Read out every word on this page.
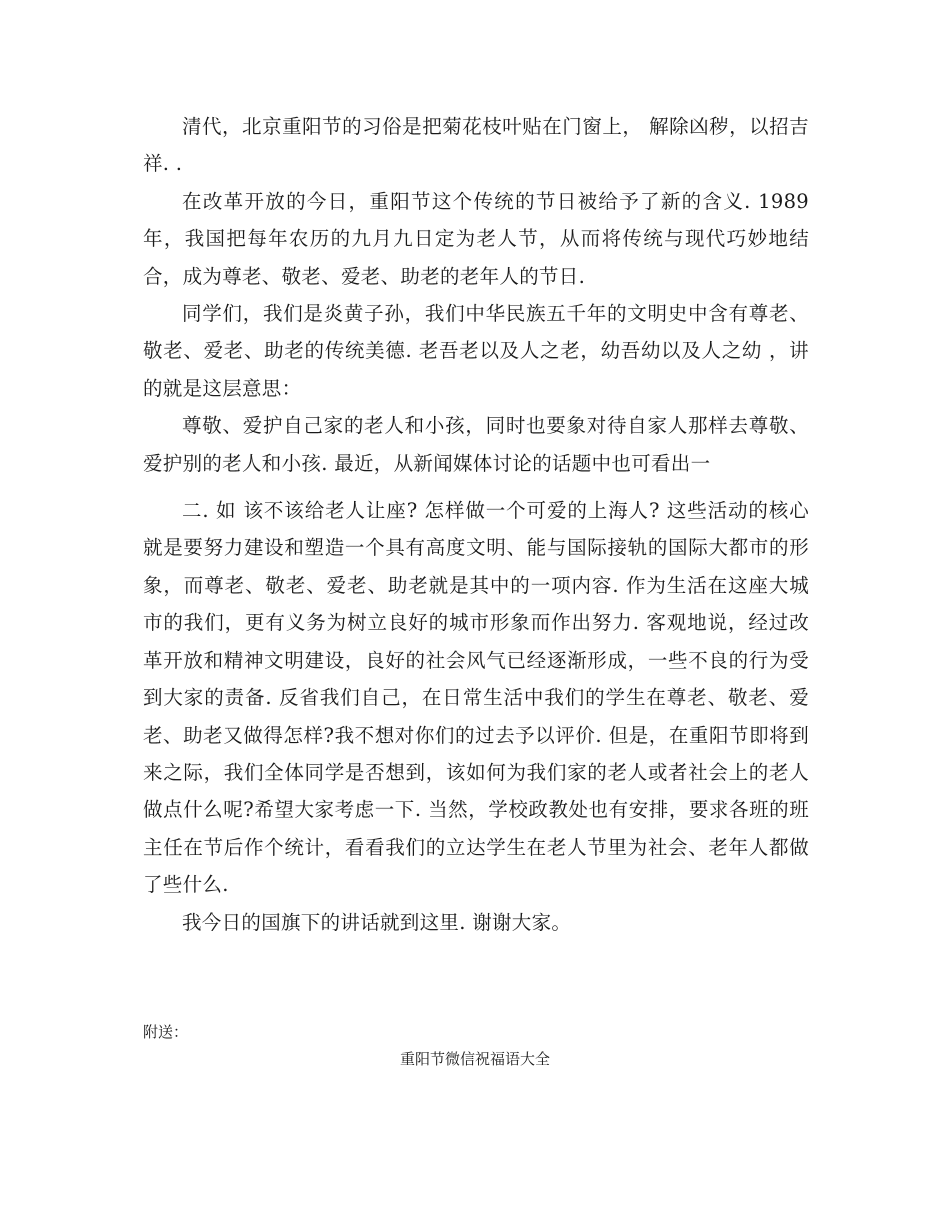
清代，北京重阳节的习俗是把菊花枝叶贴在门窗上， 解除凶秽，以招吉祥. .

在改革开放的今日，重阳节这个传统的节日被给予了新的含义. 1989 年，我国把每年农历的九月九日定为老人节，从而将传统与现代巧妙地结合，成为尊老、敬老、爱老、助老的老年人的节日.

同学们，我们是炎黄子孙，我们中华民族五千年的文明史中含有尊老、敬老、爱老、助老的传统美德. 老吾老以及人之老，幼吾幼以及人之幼 ，讲的就是这层意思：

尊敬、爱护自己家的老人和小孩，同时也要象对待自家人那样去尊敬、爱护别的老人和小孩. 最近，从新闻媒体讨论的话题中也可看出一

二. 如 该不该给老人让座? 怎样做一个可爱的上海人? 这些活动的核心就是要努力建设和塑造一个具有高度文明、能与国际接轨的国际大都市的形象，而尊老、敬老、爱老、助老就是其中的一项内容. 作为生活在这座大城市的我们，更有义务为树立良好的城市形象而作出努力. 客观地说，经过改革开放和精神文明建设，良好的社会风气已经逐渐形成，一些不良的行为受到大家的责备. 反省我们自己，在日常生活中我们的学生在尊老、敬老、爱老、助老又做得怎样?我不想对你们的过去予以评价. 但是，在重阳节即将到来之际，我们全体同学是否想到，该如何为我们家的老人或者社会上的老人做点什么呢?希望大家考虑一下. 当然，学校政教处也有安排，要求各班的班主任在节后作个统计，看看我们的立达学生在老人节里为社会、老年人都做了些什么.

我今日的国旗下的讲话就到这里. 谢谢大家。

附送：
重阳节微信祝福语大全
